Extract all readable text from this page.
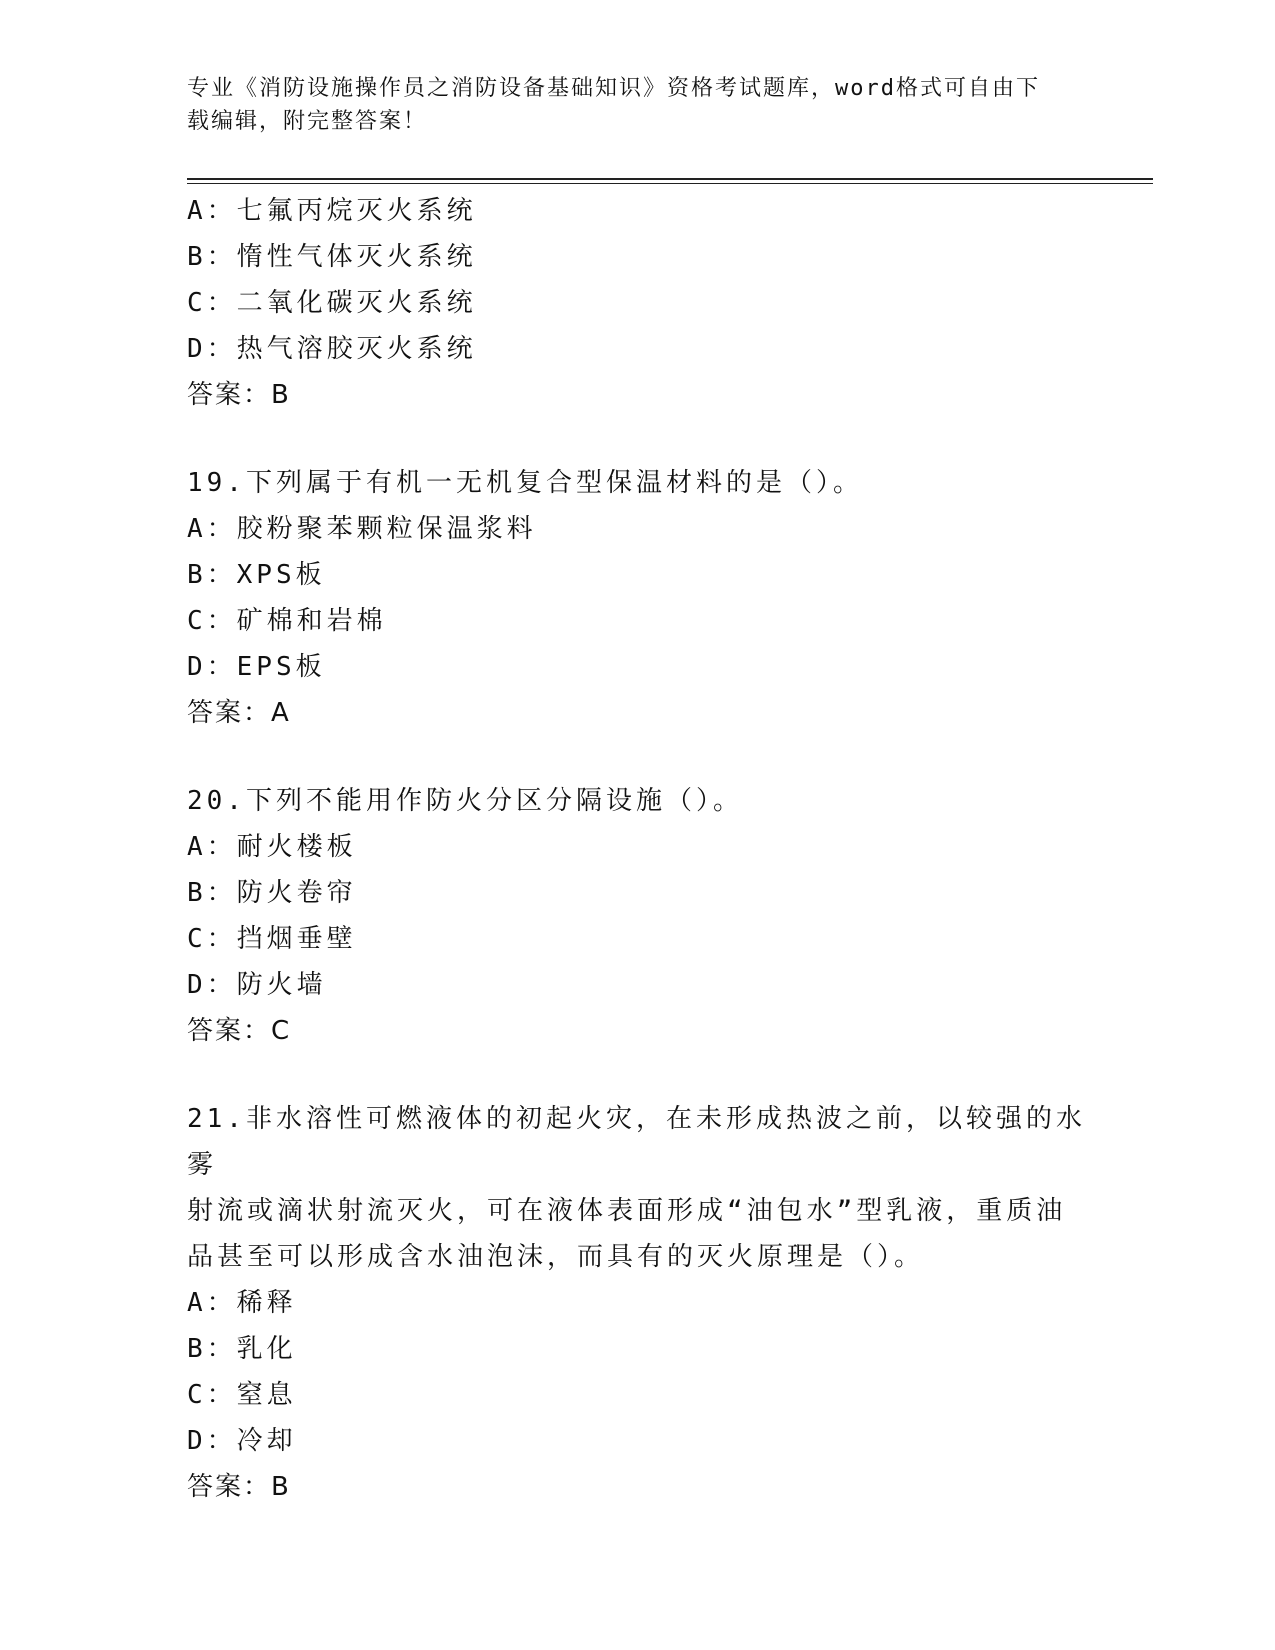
专业《消防设施操作员之消防设备基础知识》资格考试题库，word格式可自由下
载编辑，附完整答案！
A：七氟丙烷灭火系统
B：惰性气体灭火系统
C：二氧化碳灭火系统
D：热气溶胶灭火系统
答案：B
19.下列属于有机一无机复合型保温材料的是（）。
A：胶粉聚苯颗粒保温浆料
B：XPS板
C：矿棉和岩棉
D：EPS板
答案：A
20.下列不能用作防火分区分隔设施（）。
A：耐火楼板
B：防火卷帘
C：挡烟垂壁
D：防火墙
答案：C
21.非水溶性可燃液体的初起火灾，在未形成热波之前，以较强的水雾
射流或滴状射流灭火，可在液体表面形成“油包水”型乳液，重质油
品甚至可以形成含水油泡沫，而具有的灭火原理是（）。
A：稀释
B：乳化
C：窒息
D：冷却
答案：B
